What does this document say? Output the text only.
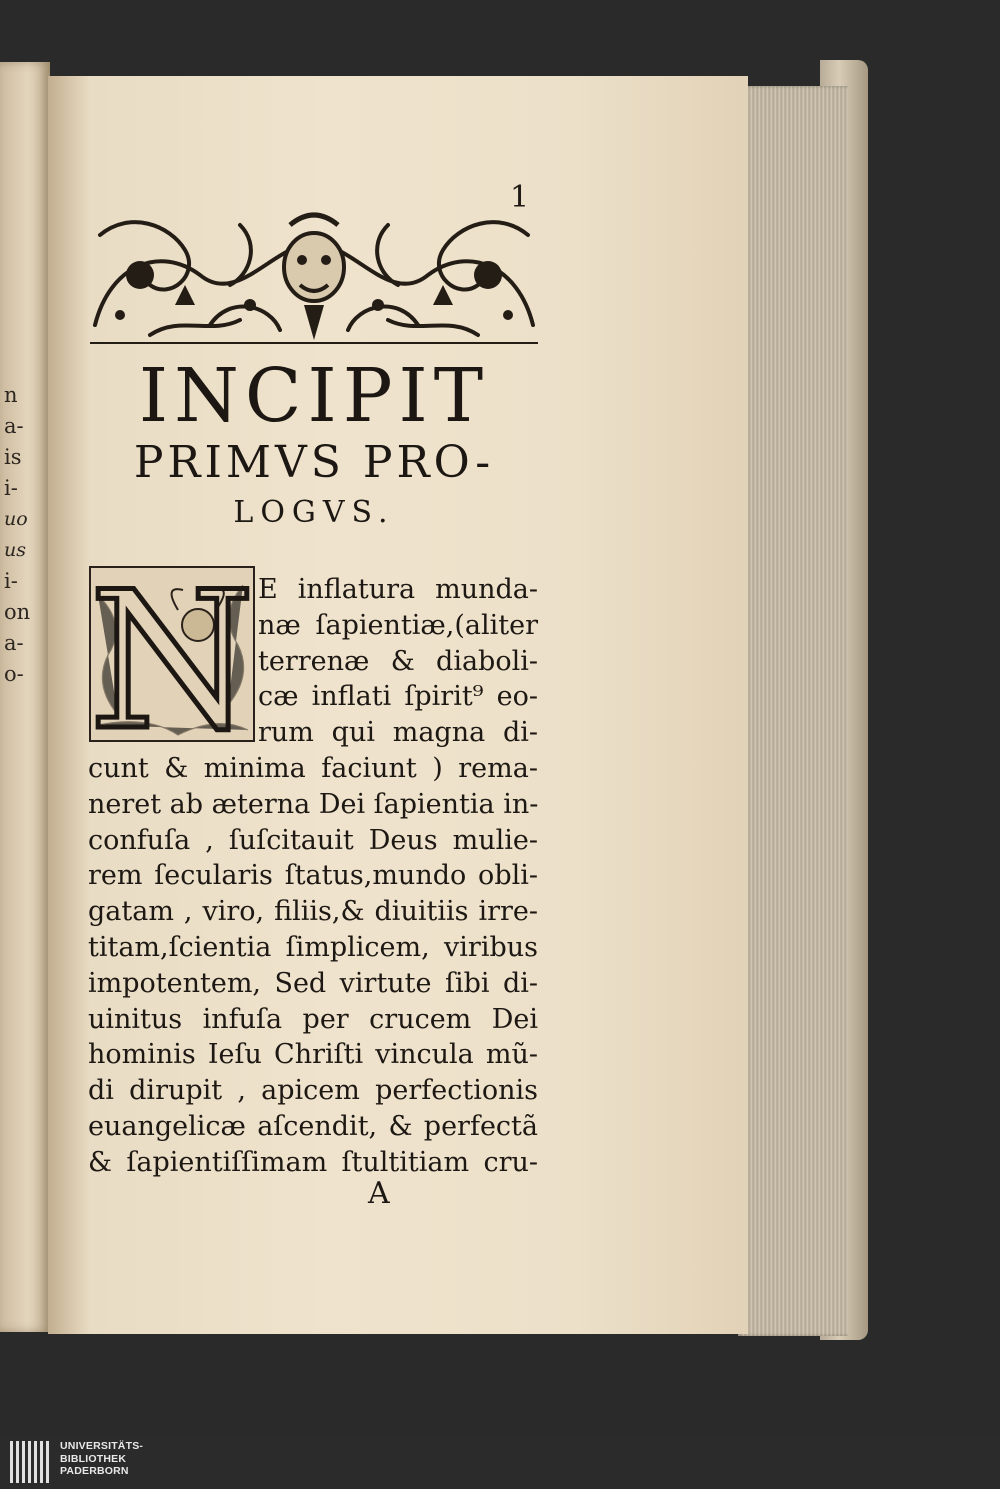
n
a-
is
i-
uo
us
i-
on
a-
o-
1
INCIPIT
PRIMVS PRO-
LOGVS.
N E inflatura munda-
næ ſapientiæ,(aliter
terrenæ & diaboli-
cæ inflati ſpirit⁹ eo-
rum qui magna di-
cunt & minima faciunt ) rema-
neret ab æterna Dei ſapientia in-
confuſa , ſuſcitauit Deus mulie-
rem ſecularis ſtatus,mundo obli-
gatam , viro, filiis,& diuitiis irre-
titam,ſcientia ſimplicem, viribus
impotentem, Sed virtute ſibi di-
uinitus infuſa per crucem Dei
hominis Ieſu Chriſti vincula mũ-
di dirupit , apicem perfectionis
euangelicæ aſcendit, & perfectã
& ſapientiſſimam ſtultitiam cru-
A
UNIVERSITÄTS-
BIBLIOTHEK
PADERBORN
